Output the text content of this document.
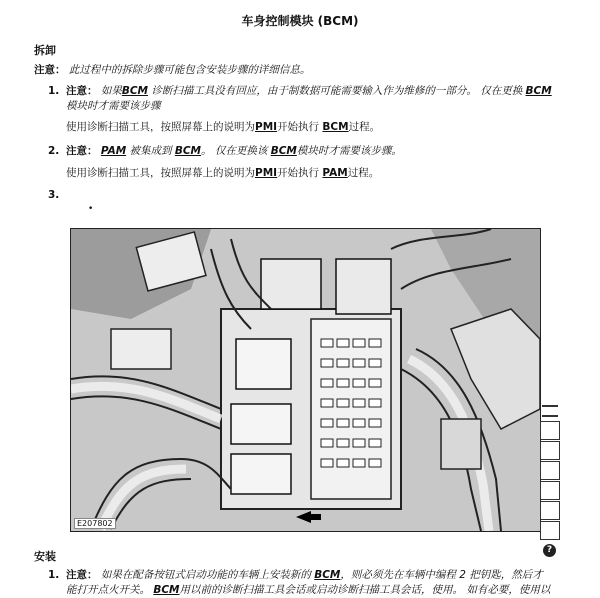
车身控制模块 (BCM)
拆卸
注意： 此过程中的拆除步骤可能包含安装步骤的详细信息。
1. 注意： 如果BCM 诊断扫描工具没有回应，由于制数据可能需要输入作为维修的一部分。 仅在更换 BCM
模块时才需要该步骤
使用诊断扫描工具，按照屏幕上的说明为PMI开始执行 BCM过程。
2. 注意： PAM 被集成到 BCM。 仅在更换该 BCM模块时才需要该步骤。
使用诊断扫描工具，按照屏幕上的说明为PMI开始执行 PAM过程。
3.
•
E207802
?
安装
1. 注意： 如果在配备按钮式启动功能的车辆上安装新的 BCM，则必须先在车辆中编程 2 把钥匙，然后才
能打开点火开关。 BCM用以前的诊断扫描工具会话或启动诊断扫描工具会话，使用。 如有必要，使用以
